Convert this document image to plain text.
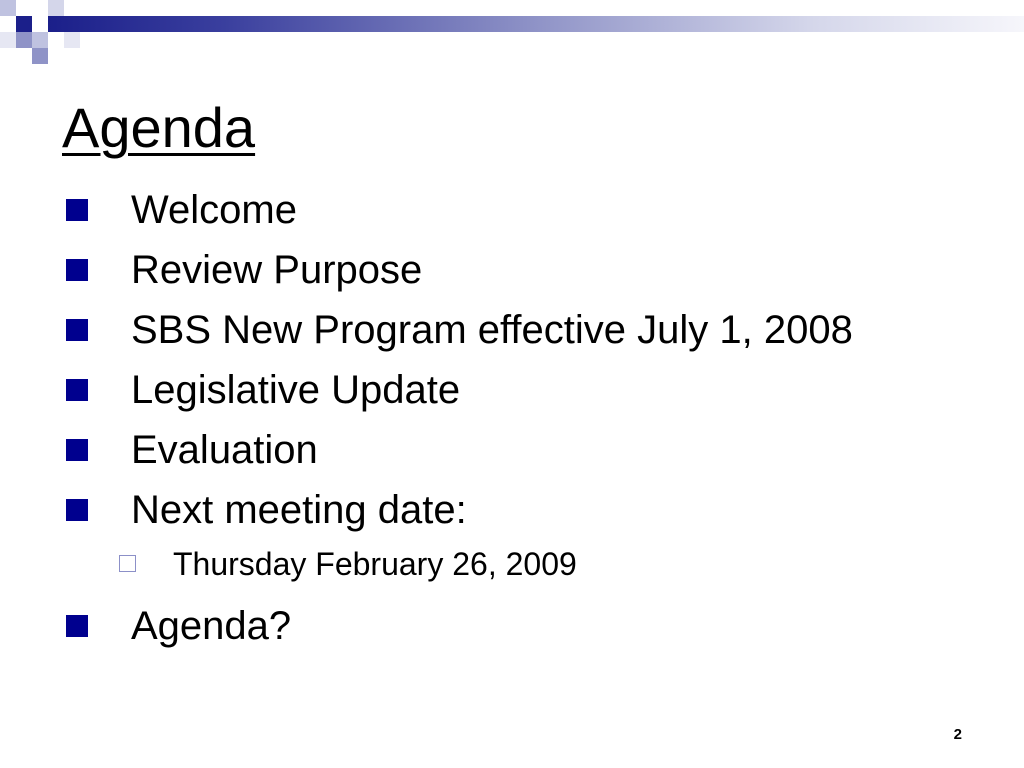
Agenda
Welcome
Review Purpose
SBS New Program effective July 1, 2008
Legislative Update
Evaluation
Next meeting date:
Thursday February 26, 2009
Agenda?
2
